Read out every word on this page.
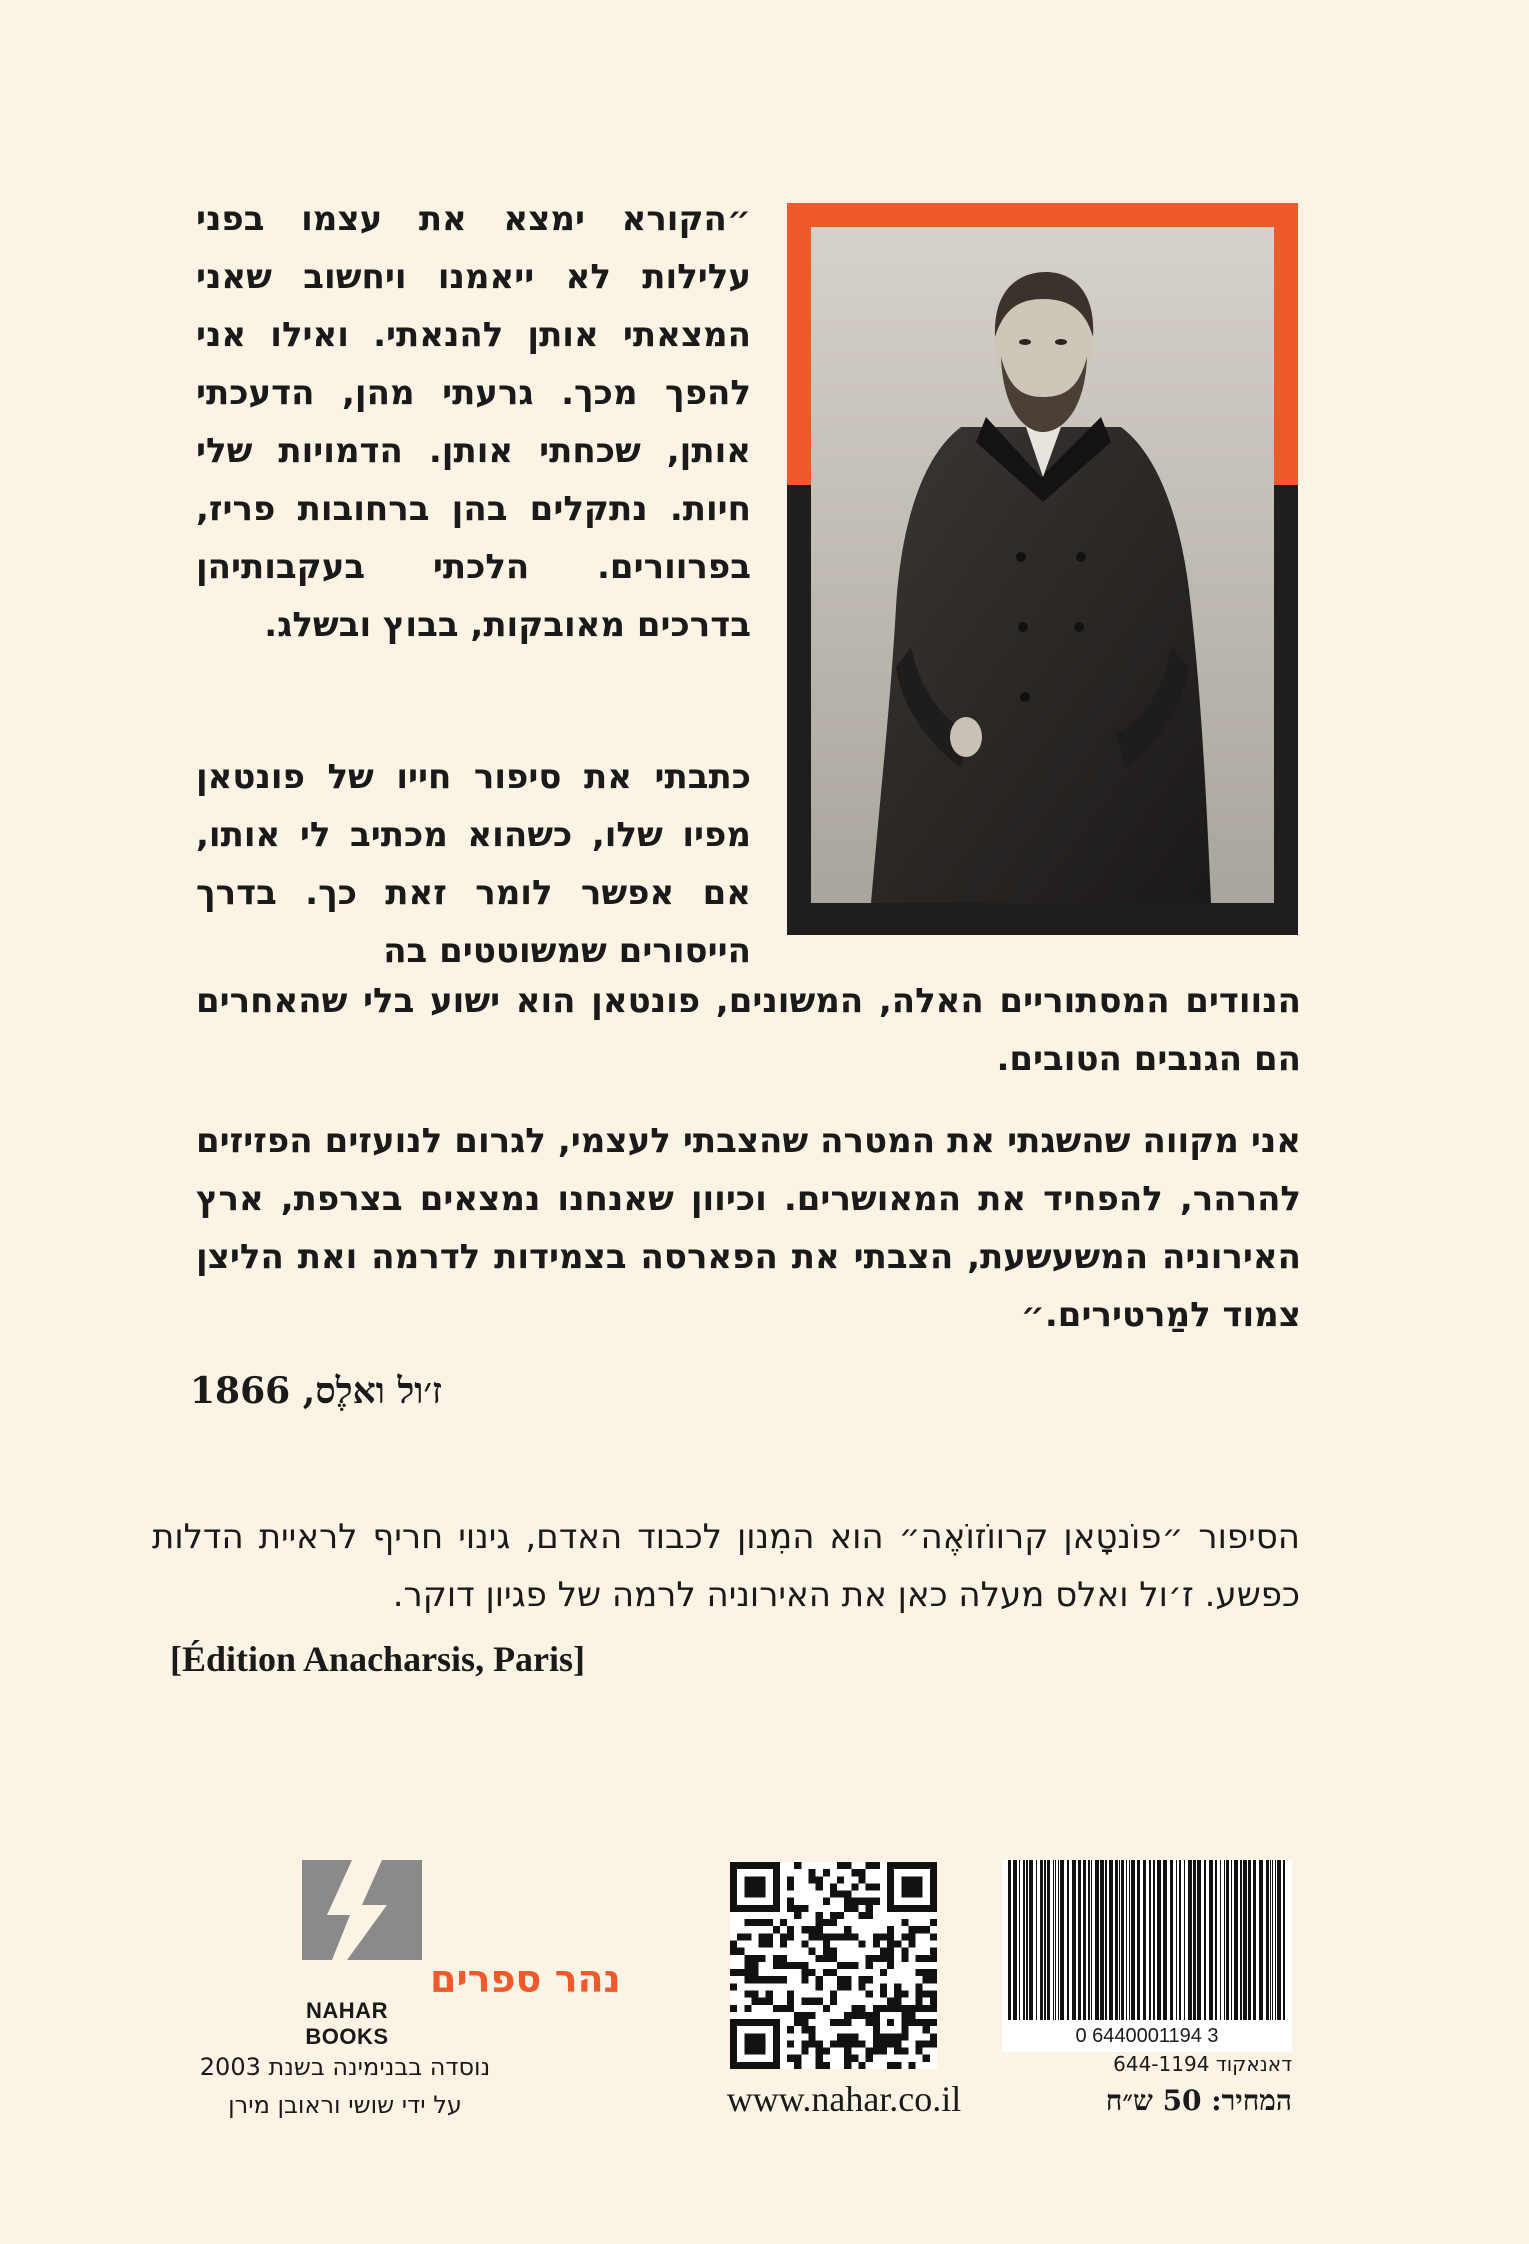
״הקורא ימצא את עצמו בפני עלילות לא ייאמנו ויחשוב שאני המצאתי אותן להנאתי. ואילו אני להפך מכך. גרעתי מהן, הדעכתי אותן, שכחתי אותן. הדמויות שלי חיות. נתקלים בהן ברחובות פריז, בפרוורים. הלכתי בעקבותיהן בדרכים מאובקות, בבוץ ובשלג.

כתבתי את סיפור חייו של פונטאן מפיו שלו, כשהוא מכתיב לי אותו, אם אפשר לומר זאת כך. בדרך הייסורים שמשוטטים בה

הנוודים המסתוריים האלה, המשונים, פונטאן הוא ישוע בלי שהאחרים הם הגנבים הטובים.

אני מקווה שהשגתי את המטרה שהצבתי לעצמי, לגרום לנועזים הפזיזים להרהר, להפחיד את המאושרים. וכיוון שאנחנו נמצאים בצרפת, ארץ האירוניה המשעשעת, הצבתי את הפארסה בצמידות לדרמה ואת הליצן צמוד למַרטירים.״

ז׳ול ואלֶס, 1866

הסיפור ״פוֹנטָאן קרווֹזוֹאֶה״ הוא המִנון לכבוד האדם, גינוי חריף לראיית הדלות כפשע. ז׳ול ואלס מעלה כאן את האירוניה לרמה של פגיון דוקר.

[Édition Anacharsis, Paris]
נהר ספרים
NAHAR BOOKS
נוסדה בבנימינה בשנת 2003
על ידי שושי וראובן מירן	www.nahar.co.il
0 6440001194 3
דאנאקוד 644-1194
המחיר: 50 ש״ח
